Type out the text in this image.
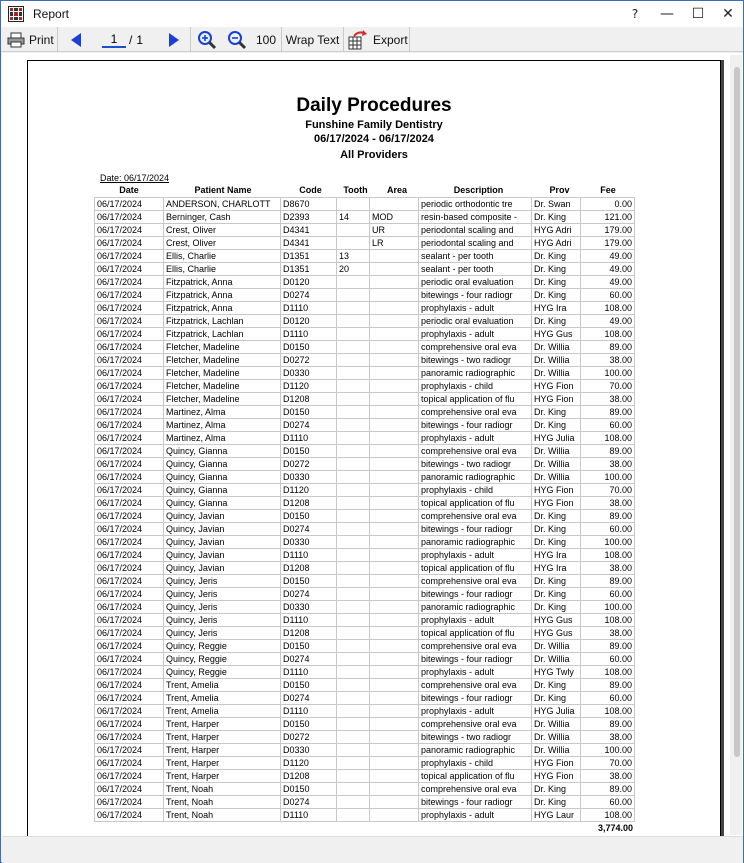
Report	?	—	☐	✕
Print	1 / 1	100 Wrap Text	Export
Daily Procedures
Funshine Family Dentistry
06/17/2024 - 06/17/2024
All Providers
Date: 06/17/2024
Date	Patient Name	Code	Tooth	Area	Description	Prov	Fee
06/17/2024	ANDERSON, CHARLOTT	D8670			periodic orthodontic tre	Dr. Swan	0.00
06/17/2024	Berninger, Cash	D2393	14	MOD	resin-based composite -	Dr. King	121.00
06/17/2024	Crest, Oliver	D4341		UR	periodontal scaling and	HYG Adri	179.00
06/17/2024	Crest, Oliver	D4341		LR	periodontal scaling and	HYG Adri	179.00
06/17/2024	Ellis, Charlie	D1351	13		sealant - per tooth	Dr. King	49.00
06/17/2024	Ellis, Charlie	D1351	20		sealant - per tooth	Dr. King	49.00
06/17/2024	Fitzpatrick, Anna	D0120			periodic oral evaluation	Dr. King	49.00
06/17/2024	Fitzpatrick, Anna	D0274			bitewings - four radiogr	Dr. King	60.00
06/17/2024	Fitzpatrick, Anna	D1110			prophylaxis - adult	HYG Ira	108.00
06/17/2024	Fitzpatrick, Lachlan	D0120			periodic oral evaluation	Dr. King	49.00
06/17/2024	Fitzpatrick, Lachlan	D1110			prophylaxis - adult	HYG Gus	108.00
06/17/2024	Fletcher, Madeline	D0150			comprehensive oral eva	Dr. Willia	89.00
06/17/2024	Fletcher, Madeline	D0272			bitewings - two radiogr	Dr. Willia	38.00
06/17/2024	Fletcher, Madeline	D0330			panoramic radiographic	Dr. Willia	100.00
06/17/2024	Fletcher, Madeline	D1120			prophylaxis - child	HYG Fion	70.00
06/17/2024	Fletcher, Madeline	D1208			topical application of flu	HYG Fion	38.00
06/17/2024	Martinez, Alma	D0150			comprehensive oral eva	Dr. King	89.00
06/17/2024	Martinez, Alma	D0274			bitewings - four radiogr	Dr. King	60.00
06/17/2024	Martinez, Alma	D1110			prophylaxis - adult	HYG Julia	108.00
06/17/2024	Quincy, Gianna	D0150			comprehensive oral eva	Dr. Willia	89.00
06/17/2024	Quincy, Gianna	D0272			bitewings - two radiogr	Dr. Willia	38.00
06/17/2024	Quincy, Gianna	D0330			panoramic radiographic	Dr. Willia	100.00
06/17/2024	Quincy, Gianna	D1120			prophylaxis - child	HYG Fion	70.00
06/17/2024	Quincy, Gianna	D1208			topical application of flu	HYG Fion	38.00
06/17/2024	Quincy, Javian	D0150			comprehensive oral eva	Dr. King	89.00
06/17/2024	Quincy, Javian	D0274			bitewings - four radiogr	Dr. King	60.00
06/17/2024	Quincy, Javian	D0330			panoramic radiographic	Dr. King	100.00
06/17/2024	Quincy, Javian	D1110			prophylaxis - adult	HYG Ira	108.00
06/17/2024	Quincy, Javian	D1208			topical application of flu	HYG Ira	38.00
06/17/2024	Quincy, Jeris	D0150			comprehensive oral eva	Dr. King	89.00
06/17/2024	Quincy, Jeris	D0274			bitewings - four radiogr	Dr. King	60.00
06/17/2024	Quincy, Jeris	D0330			panoramic radiographic	Dr. King	100.00
06/17/2024	Quincy, Jeris	D1110			prophylaxis - adult	HYG Gus	108.00
06/17/2024	Quincy, Jeris	D1208			topical application of flu	HYG Gus	38.00
06/17/2024	Quincy, Reggie	D0150			comprehensive oral eva	Dr. Willia	89.00
06/17/2024	Quincy, Reggie	D0274			bitewings - four radiogr	Dr. Willia	60.00
06/17/2024	Quincy, Reggie	D1110			prophylaxis - adult	HYG Twly	108.00
06/17/2024	Trent, Amelia	D0150			comprehensive oral eva	Dr. King	89.00
06/17/2024	Trent, Amelia	D0274			bitewings - four radiogr	Dr. King	60.00
06/17/2024	Trent, Amelia	D1110			prophylaxis - adult	HYG Julia	108.00
06/17/2024	Trent, Harper	D0150			comprehensive oral eva	Dr. Willia	89.00
06/17/2024	Trent, Harper	D0272			bitewings - two radiogr	Dr. Willia	38.00
06/17/2024	Trent, Harper	D0330			panoramic radiographic	Dr. Willia	100.00
06/17/2024	Trent, Harper	D1120			prophylaxis - child	HYG Fion	70.00
06/17/2024	Trent, Harper	D1208			topical application of flu	HYG Fion	38.00
06/17/2024	Trent, Noah	D0150			comprehensive oral eva	Dr. King	89.00
06/17/2024	Trent, Noah	D0274			bitewings - four radiogr	Dr. King	60.00
06/17/2024	Trent, Noah	D1110			prophylaxis - adult	HYG Laur	108.00
3,774.00
